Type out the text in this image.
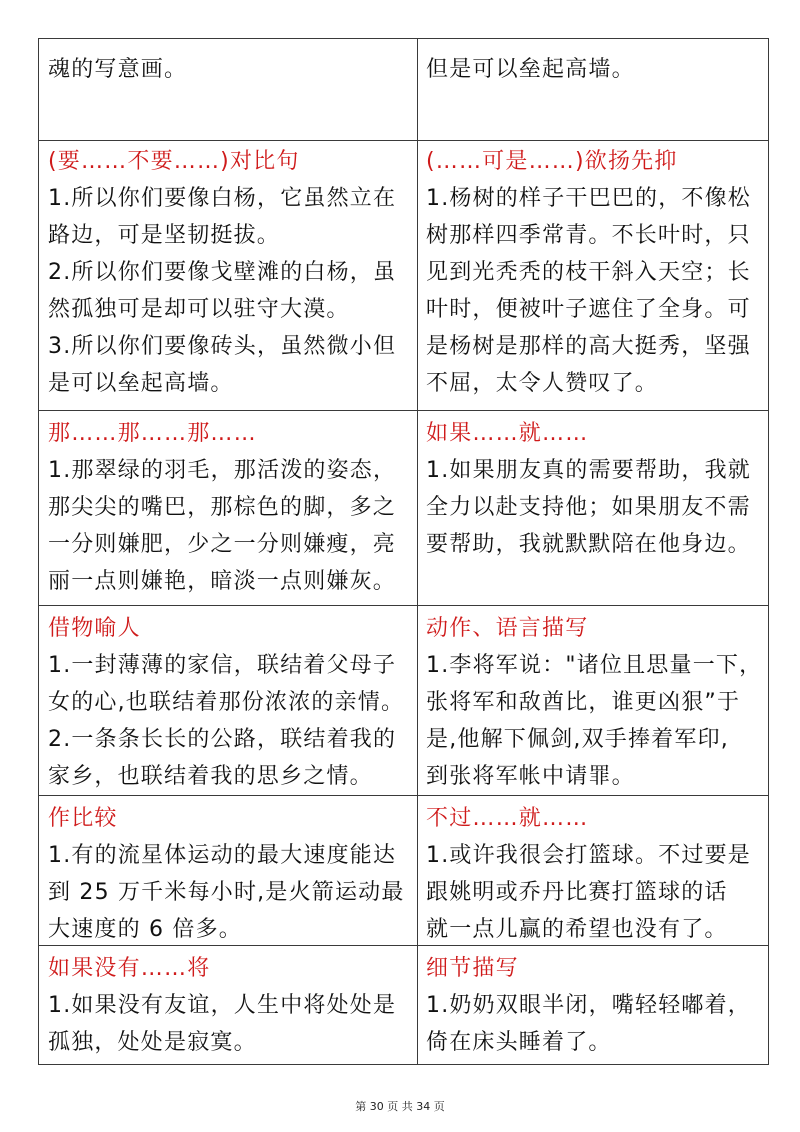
魂的写意画。	但是可以垒起高墙。
(要……不要……)对比句
1.所以你们要像白杨，它虽然立在
路边，可是坚韧挺拔。
2.所以你们要像戈壁滩的白杨，虽
然孤独可是却可以驻守大漠。
3.所以你们要像砖头，虽然微小但
是可以垒起高墙。
(……可是……)欲扬先抑
1.杨树的样子干巴巴的，不像松
树那样四季常青。不长叶时，只
见到光秃秃的枝干斜入天空；长
叶时，便被叶子遮住了全身。可
是杨树是那样的高大挺秀，坚强
不屈，太令人赞叹了。
那……那……那……
1.那翠绿的羽毛，那活泼的姿态，
那尖尖的嘴巴，那棕色的脚，多之
一分则嫌肥，少之一分则嫌瘦，亮
丽一点则嫌艳，暗淡一点则嫌灰。
如果……就……
1.如果朋友真的需要帮助，我就
全力以赴支持他；如果朋友不需
要帮助，我就默默陪在他身边。
借物喻人
1.一封薄薄的家信，联结着父母子
女的心,也联结着那份浓浓的亲情。
2.一条条长长的公路，联结着我的
家乡，也联结着我的思乡之情。
动作、语言描写
1.李将军说："诸位且思量一下，
张将军和敌酋比，谁更凶狠”于
是,他解下佩剑,双手捧着军印,
到张将军帐中请罪。
作比较
1.有的流星体运动的最大速度能达
到 25 万千米每小时,是火箭运动最
大速度的 6 倍多。
不过……就……
1.或许我很会打篮球。不过要是
跟姚明或乔丹比赛打篮球的话
就一点儿赢的希望也没有了。
如果没有……将
1.如果没有友谊，人生中将处处是
孤独，处处是寂寞。
细节描写
1.奶奶双眼半闭，嘴轻轻嘟着，
倚在床头睡着了。
第 30 页 共 34 页
